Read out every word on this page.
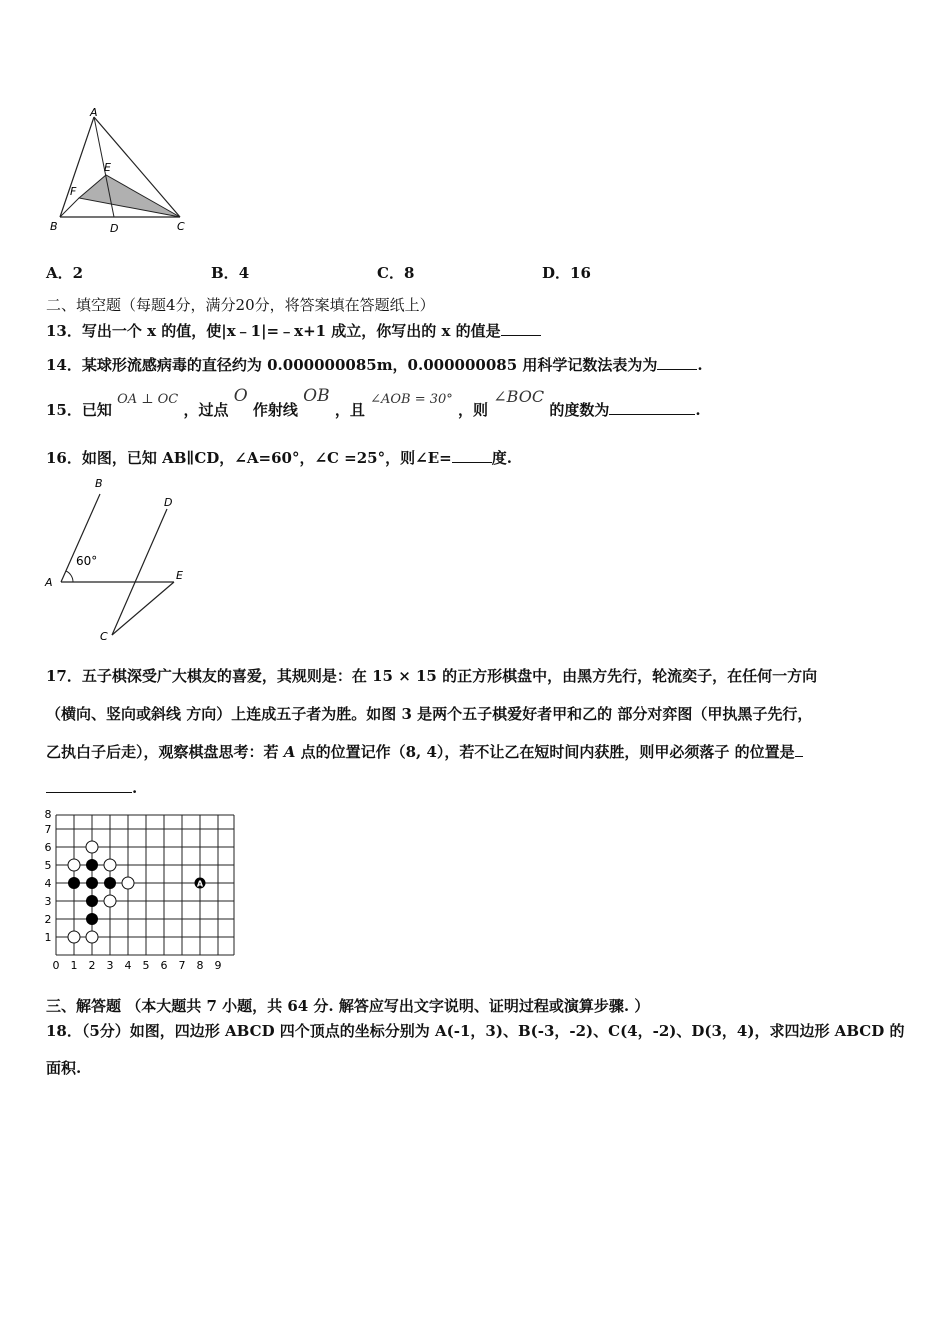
A
E
F
B	D	C
A．2	B．4	C．8	D．16
二、填空题（每题4分，满分20分，将答案填在答题纸上）
13．写出一个 x 的值，使|x﹣1|=﹣x+1 成立，你写出的 x 的值是
14．某球形流感病毒的直径约为 0.000000085m，0.000000085 用科学记数法表为为	.
15．已知 OA ⊥ OC ，过点 O 作射线 OB ，且 ∠AOB = 30° ，则 ∠BOC 的度数为	.
16．如图，已知 AB∥CD，∠A=60°，∠C =25°，则∠E=	度.
60°
B
D
A
E
C
17．五子棋深受广大棋友的喜爱，其规则是：在 15 × 15 的正方形棋盘中，由黑方先行，轮流奕子，在任何一方向
（横向、竖向或斜线 方向）上连成五子者为胜。如图 3 是两个五子棋爱好者甲和乙的 部分对弈图（甲执黑子先行，
乙执白子后走），观察棋盘思考：若 A 点的位置记作（8, 4），若不让乙在短时间内获胜，则甲必须落子 的位置是
.
1
2
3
4
5
6
7
8
0 1 2 3 4 5 6 7 8 9
A
三、解答题 （本大题共 7 小题，共 64 分. 解答应写出文字说明、证明过程或演算步骤. ）
18．（5分）如图，四边形 ABCD 四个顶点的坐标分别为 A(-1，3)、B(-3，-2)、C(4，-2)、D(3，4)，求四边形 ABCD 的
面积.
